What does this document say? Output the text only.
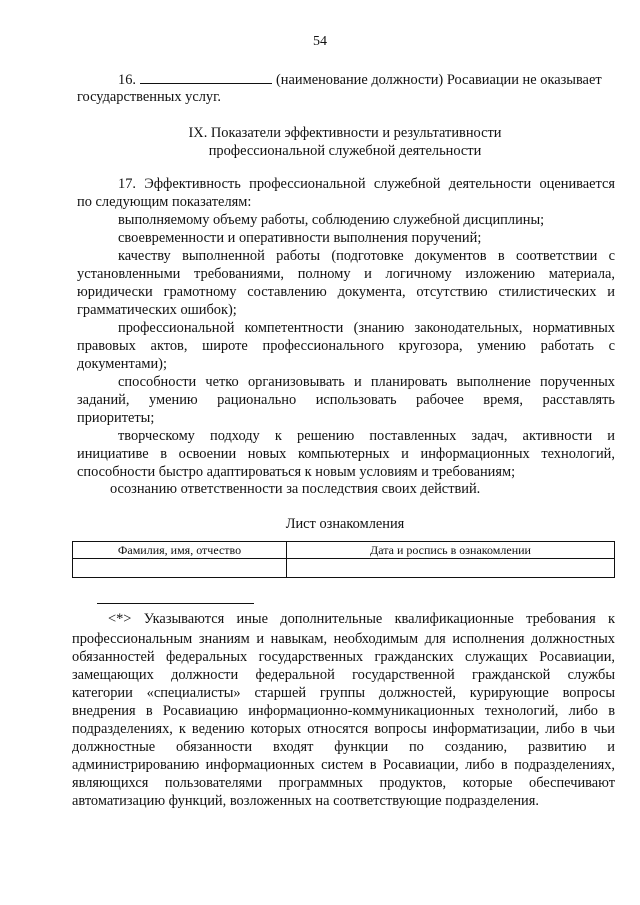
54
16.	(наименование должности) Росавиации не оказывает
государственных услуг.
IX. Показатели эффективности и результативности
профессиональной служебной деятельности
17. Эффективность профессиональной служебной деятельности оценивается
по следующим показателям:
выполняемому объему работы, соблюдению служебной дисциплины;
своевременности и оперативности выполнения поручений;
качеству выполненной работы (подготовке документов в соответствии с
установленными требованиями, полному и логичному изложению материала,
юридически грамотному составлению документа, отсутствию стилистических и
грамматических ошибок);
профессиональной компетентности (знанию законодательных, нормативных
правовых актов, широте профессионального кругозора, умению работать с
документами);
способности четко организовывать и планировать выполнение порученных
заданий, умению рационально использовать рабочее время, расставлять
приоритеты;
творческому подходу к решению поставленных задач, активности и
инициативе в освоении новых компьютерных и информационных технологий,
способности быстро адаптироваться к новым условиям и требованиям;
осознанию ответственности за последствия своих действий.
Лист ознакомления
Фамилия, имя, отчество	Дата и роспись в ознакомлении

<*> Указываются иные дополнительные квалификационные требования к
профессиональным знаниям и навыкам, необходимым для исполнения должностных
обязанностей федеральных государственных гражданских служащих Росавиации,
замещающих должности федеральной государственной гражданской службы
категории «специалисты» старшей группы должностей, курирующие вопросы
внедрения в Росавиацию информационно-коммуникационных технологий, либо в
подразделениях, к ведению которых относятся вопросы информатизации, либо в чьи
должностные обязанности входят функции по созданию, развитию и
администрированию информационных систем в Росавиации, либо в подразделениях,
являющихся пользователями программных продуктов, которые обеспечивают
автоматизацию функций, возложенных на соответствующие подразделения.
